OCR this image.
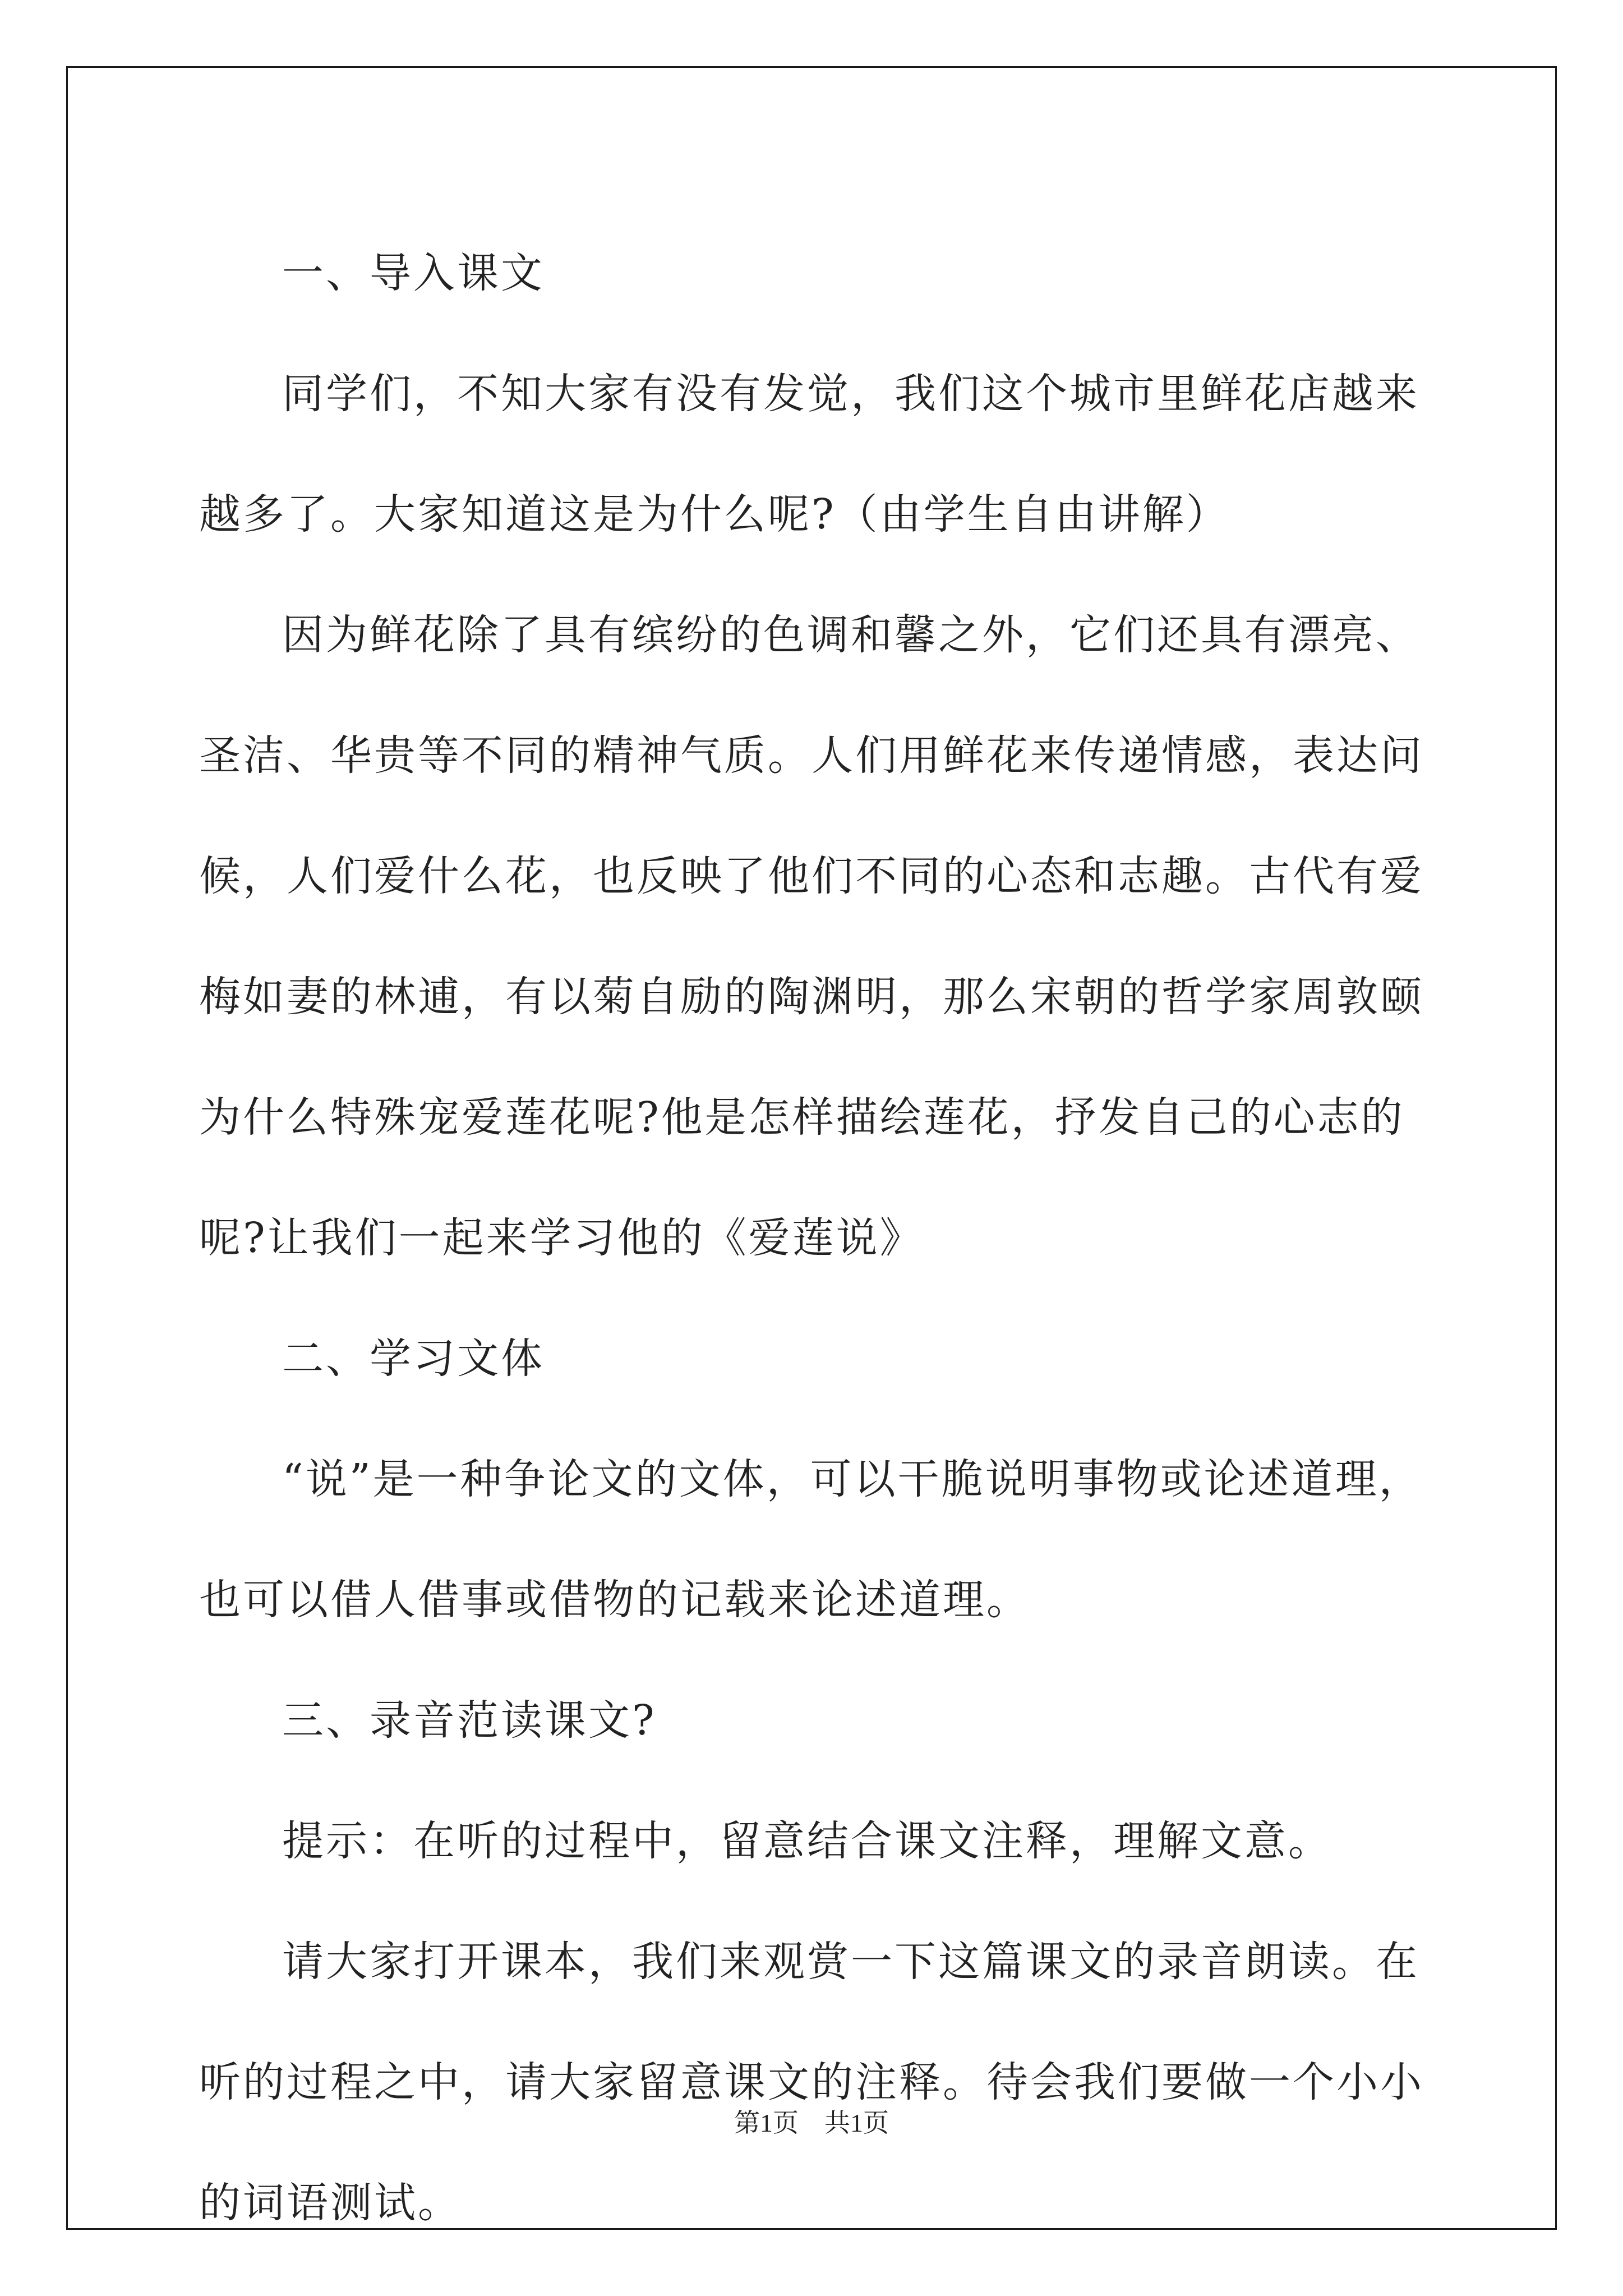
一、导入课文

同学们，不知大家有没有发觉，我们这个城市里鲜花店越来越多了。大家知道这是为什么呢?（由学生自由讲解）

因为鲜花除了具有缤纷的色调和馨之外，它们还具有漂亮、圣洁、华贵等不同的精神气质。人们用鲜花来传递情感，表达问候，人们爱什么花，也反映了他们不同的心态和志趣。古代有爱梅如妻的林逋，有以菊自励的陶渊明，那么宋朝的哲学家周敦颐为什么特殊宠爱莲花呢?他是怎样描绘莲花，抒发自己的心志的呢?让我们一起来学习他的《爱莲说》

二、学习文体

“说”是一种争论文的文体，可以干脆说明事物或论述道理，也可以借人借事或借物的记载来论述道理。

三、录音范读课文?

提示：在听的过程中，留意结合课文注释，理解文意。

请大家打开课本，我们来观赏一下这篇课文的录音朗读。在听的过程之中，请大家留意课文的注释。待会我们要做一个小小的词语测试。

第1页　共1页
